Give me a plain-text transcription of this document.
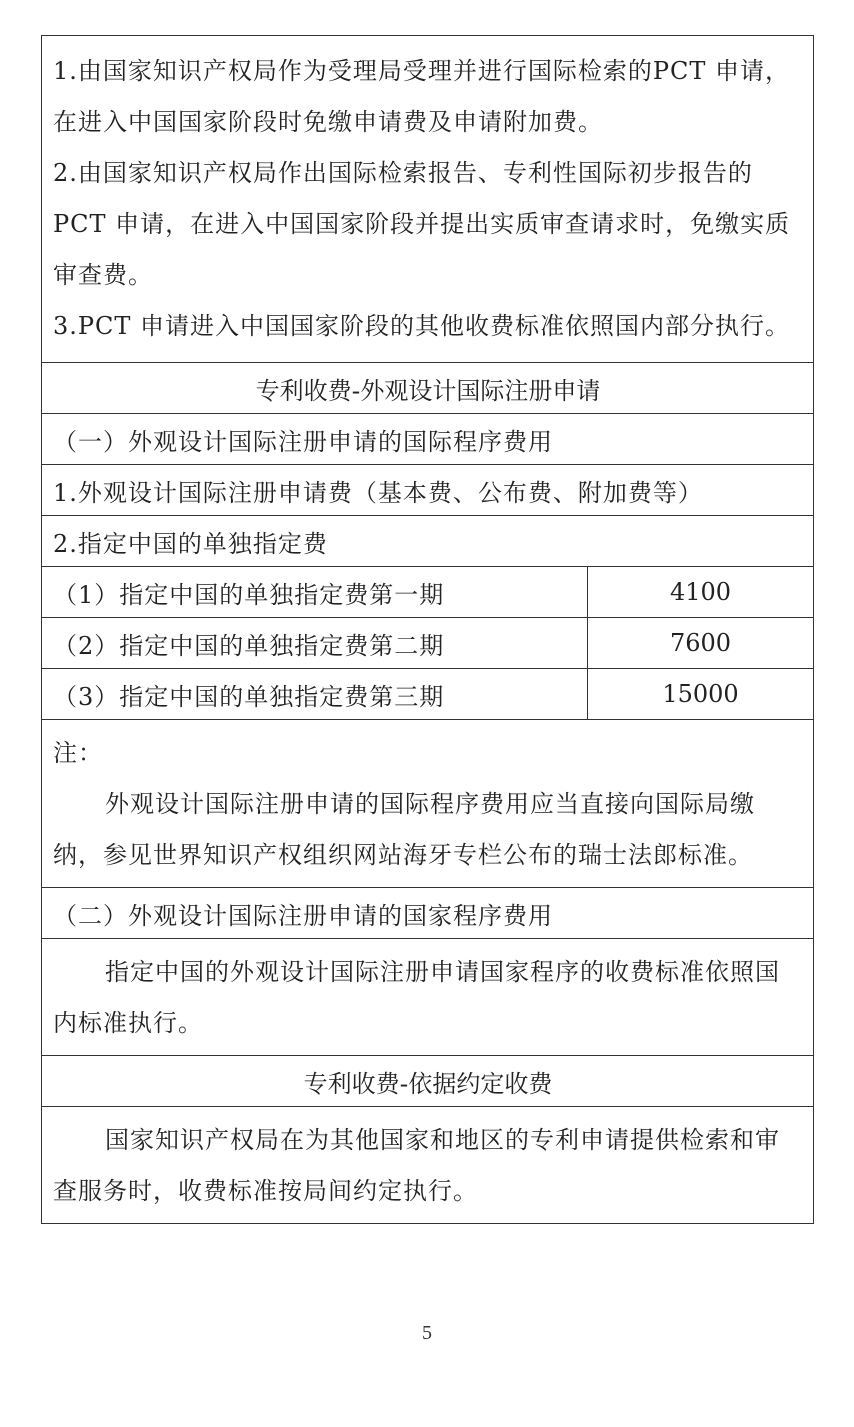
1.由国家知识产权局作为受理局受理并进行国际检索的PCT 申请，在进入中国国家阶段时免缴申请费及申请附加费。

2.由国家知识产权局作出国际检索报告、专利性国际初步报告的PCT 申请，在进入中国国家阶段并提出实质审查请求时，免缴实质审查费。

3.PCT 申请进入中国国家阶段的其他收费标准依照国内部分执行。

专利收费-外观设计国际注册申请
（一）外观设计国际注册申请的国际程序费用
1.外观设计国际注册申请费（基本费、公布费、附加费等）
2.指定中国的单独指定费
（1）指定中国的单独指定费第一期	4100
（2）指定中国的单独指定费第二期	7600
（3）指定中国的单独指定费第三期	15000

注：

外观设计国际注册申请的国际程序费用应当直接向国际局缴纳，参见世界知识产权组织网站海牙专栏公布的瑞士法郎标准。

（二）外观设计国际注册申请的国家程序费用

指定中国的外观设计国际注册申请国家程序的收费标准依照国内标准执行。

专利收费-依据约定收费

国家知识产权局在为其他国家和地区的专利申请提供检索和审查服务时，收费标准按局间约定执行。

5
